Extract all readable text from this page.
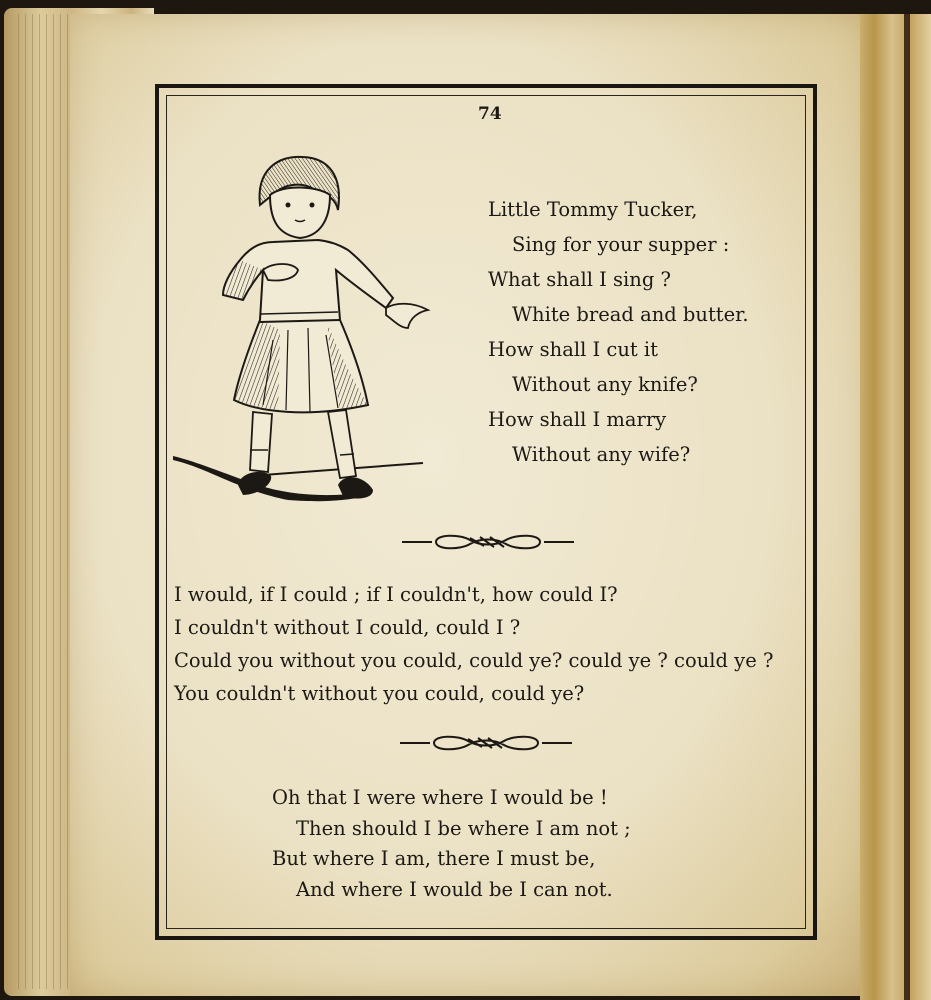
74
Little Tommy Tucker,
Sing for your supper :
What shall I sing ?
White bread and butter.
How shall I cut it
Without any knife?
How shall I marry
Without any wife?
I would, if I could ; if I couldn't, how could I?
I couldn't without I could, could I ?
Could you without you could, could ye? could ye ? could ye ?
You couldn't without you could, could ye?
Oh that I were where I would be !
Then should I be where I am not ;
But where I am, there I must be,
And where I would be I can not.
